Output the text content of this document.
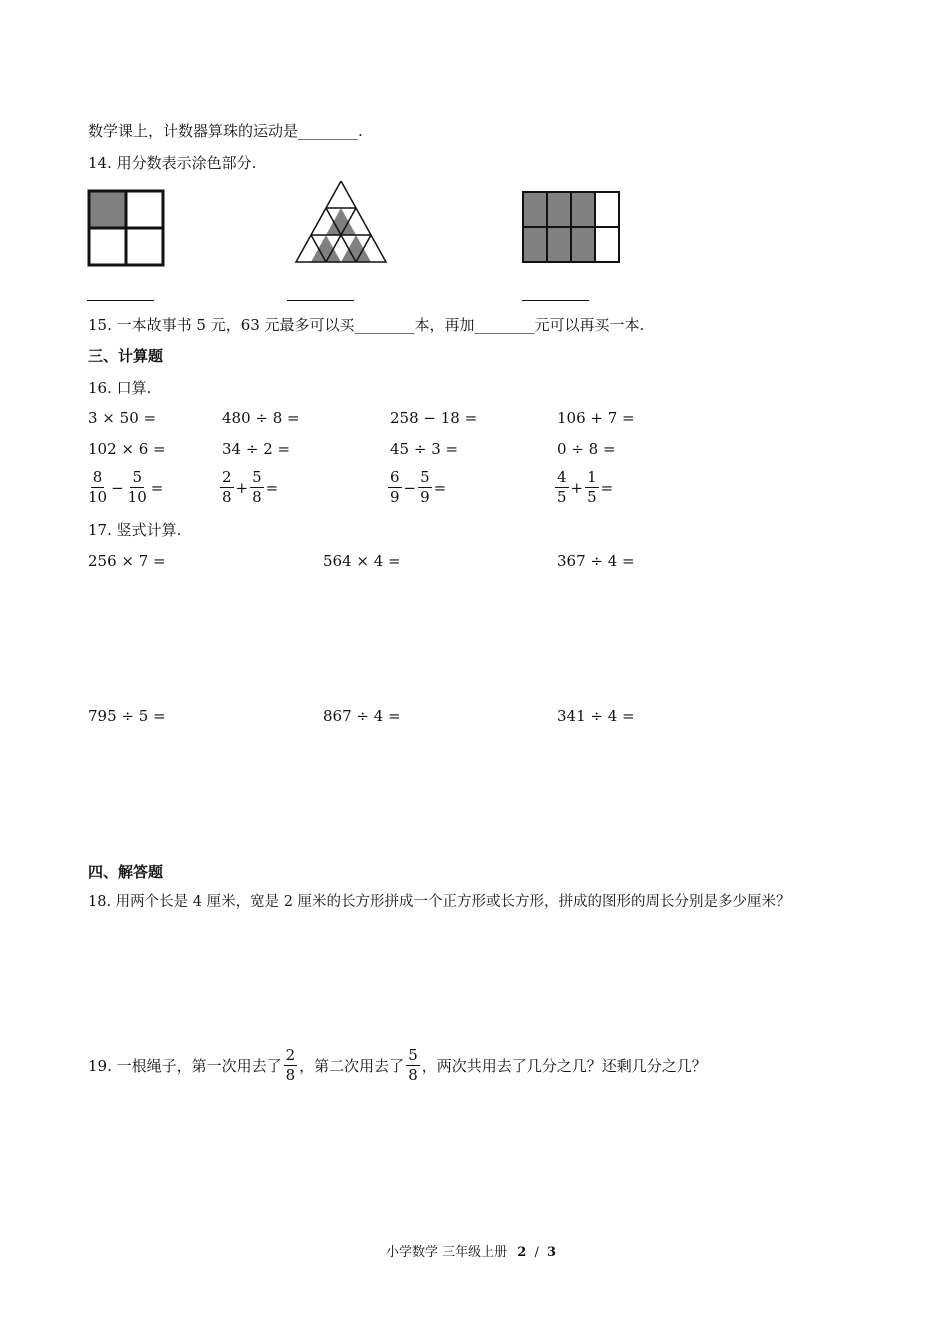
数学课上，计数器算珠的运动是________.
14. 用分数表示涂色部分.
15. 一本故事书 5 元，63 元最多可以买________本，再加________元可以再买一本.
三、计算题
16. 口算.
3 × 50 =	480 ÷ 8 =	258 − 18 =	106 + 7 =
102 × 6 =	34 ÷ 2 =	45 ÷ 3 =	0 ÷ 8 =
$\frac{8}{10} - \frac{5}{10}$ =	$\frac{2}{8} + \frac{5}{8}$ =	$\frac{6}{9} - \frac{5}{9}$ =	$\frac{4}{5} + \frac{1}{5}$ =
17. 竖式计算.
256 × 7 =	564 × 4 =	367 ÷ 4 =
795 ÷ 5 =	867 ÷ 4 =	341 ÷ 4 =
四、解答题
18. 用两个长是 4 厘米，宽是 2 厘米的长方形拼成一个正方形或长方形，拼成的图形的周长分别是多少厘米？
19. 一根绳子，第一次用去了 $\frac{2}{8}$ ，第二次用去了 $\frac{5}{8}$ ，两次共用去了几分之几？还剩几分之几？
小学数学 三年级上册 2 / 3
